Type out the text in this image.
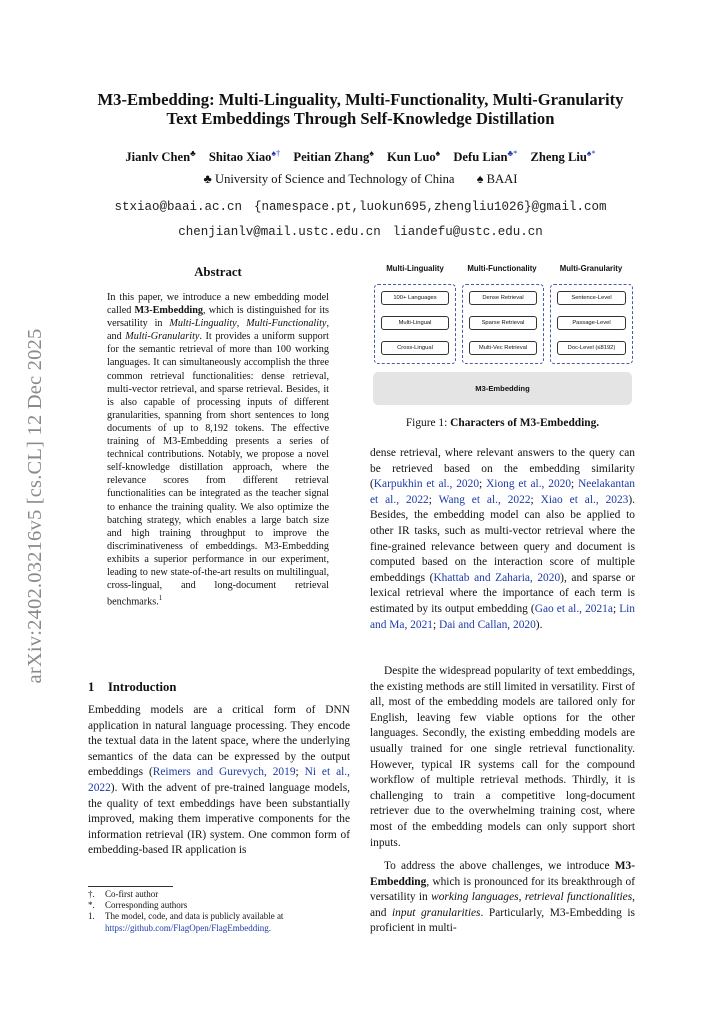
arXiv:2402.03216v5 [cs.CL] 12 Dec 2025
M3-Embedding: Multi-Linguality, Multi-Functionality, Multi-Granularity
Text Embeddings Through Self-Knowledge Distillation
Jianlv Chen♣ Shitao Xiao♠† Peitian Zhang♠ Kun Luo♠ Defu Lian♣* Zheng Liu♠*
♣ University of Science and Technology of China ♠ BAAI
stxiao@baai.ac.cn {namespace.pt,luokun695,zhengliu1026}@gmail.com
chenjianlv@mail.ustc.edu.cn liandefu@ustc.edu.cn
Abstract
In this paper, we introduce a new embedding model called M3-Embedding, which is distinguished for its versatility in Multi-Linguality, Multi-Functionality, and Multi-Granularity. It provides a uniform support for the semantic retrieval of more than 100 working languages. It can simultaneously accomplish the three common retrieval functionalities: dense retrieval, multi-vector retrieval, and sparse retrieval. Besides, it is also capable of processing inputs of different granularities, spanning from short sentences to long documents of up to 8,192 tokens. The effective training of M3-Embedding presents a series of technical contributions. Notably, we propose a novel self-knowledge distillation approach, where the relevance scores from different retrieval functionalities can be integrated as the teacher signal to enhance the training quality. We also optimize the batching strategy, which enables a large batch size and high training throughput to improve the discriminativeness of embeddings. M3-Embedding exhibits a superior performance in our experiment, leading to new state-of-the-art results on multilingual, cross-lingual, and long-document retrieval benchmarks.$^1$
1 Introduction
Embedding models are a critical form of DNN application in natural language processing. They encode the textual data in the latent space, where the underlying semantics of the data can be expressed by the output embeddings (Reimers and Gurevych, 2019; Ni et al., 2022). With the advent of pre-trained language models, the quality of text embeddings have been substantially improved, making them imperative components for the information retrieval (IR) system. One common form of embedding-based IR application is
†.	Co-first author
*.	Corresponding authors
1.	The model, code, and data is publicly available at https://github.com/FlagOpen/FlagEmbedding.
Multi-Linguality	Multi-Functionality	Multi-Granularity
100+ Languages
Multi-Lingual
Cross-Lingual
Dense Retrieval
Sparse Retrieval
Multi-Vec Retrieval
Sentence-Level
Passage-Level
Doc-Level (≤8192)
M3-Embedding
Figure 1: Characters of M3-Embedding.
dense retrieval, where relevant answers to the query can be retrieved based on the embedding similarity (Karpukhin et al., 2020; Xiong et al., 2020; Neelakantan et al., 2022; Wang et al., 2022; Xiao et al., 2023). Besides, the embedding model can also be applied to other IR tasks, such as multi-vector retrieval where the fine-grained relevance between query and document is computed based on the interaction score of multiple embeddings (Khattab and Zaharia, 2020), and sparse or lexical retrieval where the importance of each term is estimated by its output embedding (Gao et al., 2021a; Lin and Ma, 2021; Dai and Callan, 2020).
Despite the widespread popularity of text embeddings, the existing methods are still limited in versatility. First of all, most of the embedding models are tailored only for English, leaving few viable options for the other languages. Secondly, the existing embedding models are usually trained for one single retrieval functionality. However, typical IR systems call for the compound workflow of multiple retrieval methods. Thirdly, it is challenging to train a competitive long-document retriever due to the overwhelming training cost, where most of the embedding models can only support short inputs.
To address the above challenges, we introduce M3-Embedding, which is pronounced for its breakthrough of versatility in working languages, retrieval functionalities, and input granularities. Particularly, M3-Embedding is proficient in multi-
